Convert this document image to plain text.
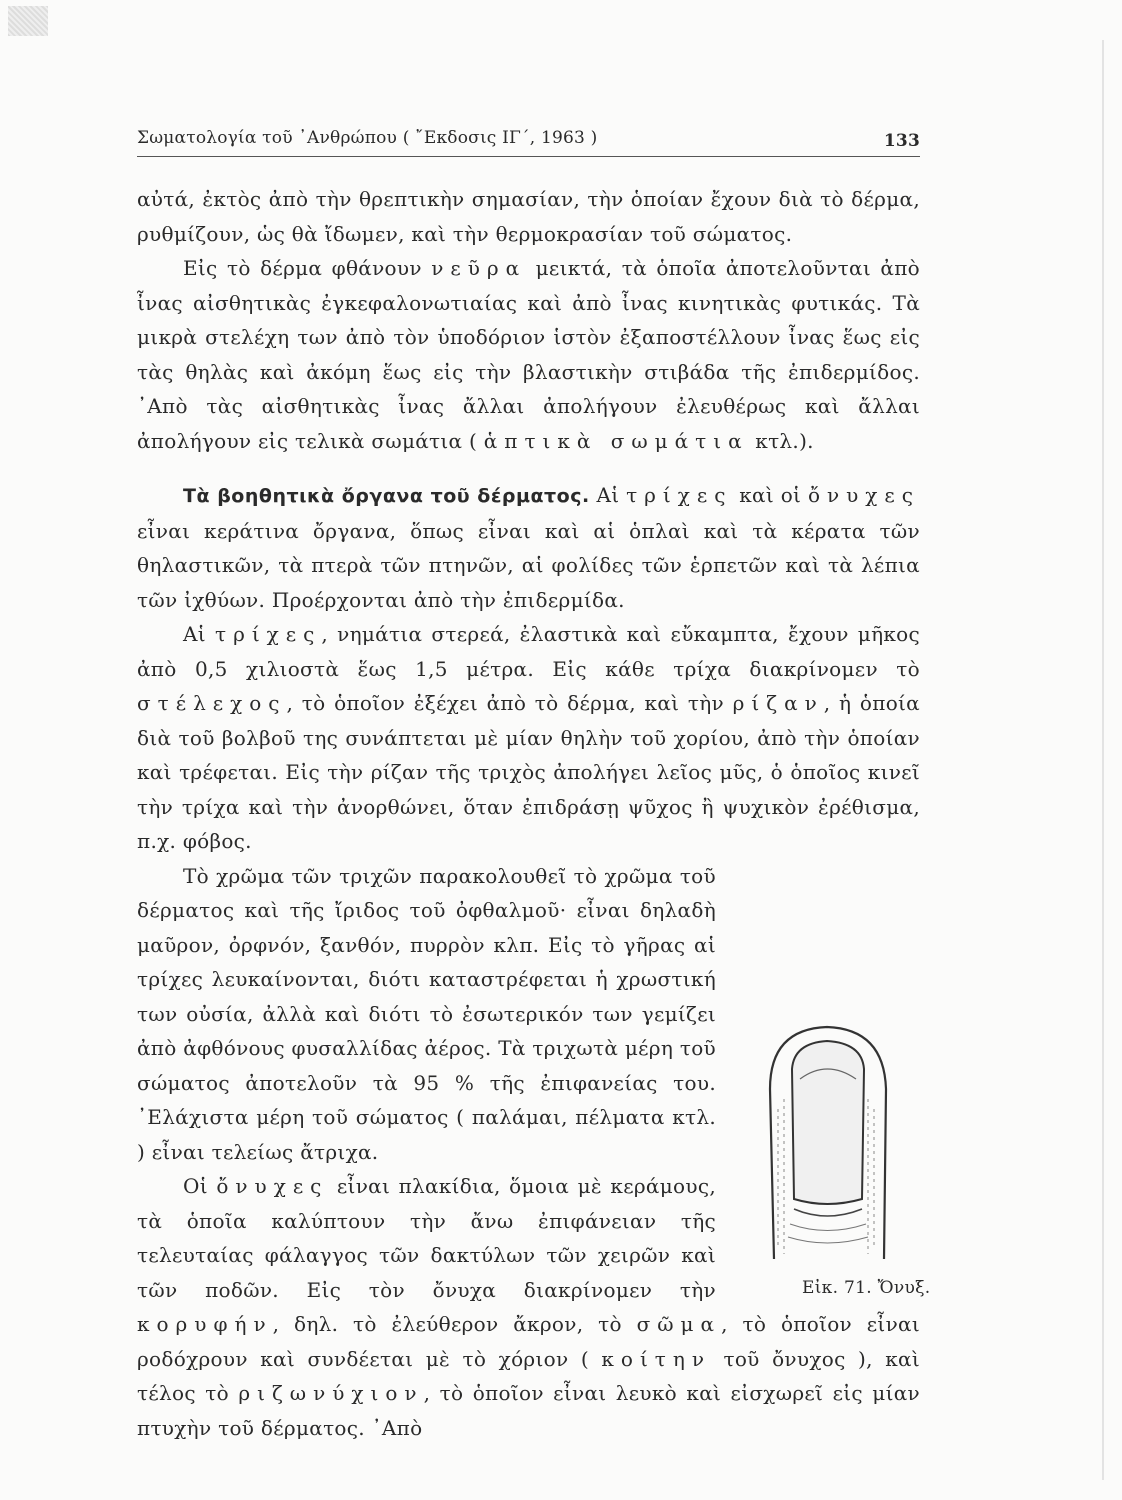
Σωματολογία τοῦ ᾿Ανθρώπου ( ῎Εκδοσις ΙΓ΄, 1963 )	133

αὐτά, ἐκτὸς ἀπὸ τὴν θρεπτικὴν σημασίαν, τὴν ὁποίαν ἔχουν διὰ τὸ δέρμα, ρυθμίζουν, ὡς θὰ ἴδωμεν, καὶ τὴν θερμοκρασίαν τοῦ σώματος.

Εἰς τὸ δέρμα φθάνουν νεῦρα μεικτά, τὰ ὁποῖα ἀποτελοῦνται ἀπὸ ἶνας αἰσθητικὰς ἐγκεφαλονωτιαίας καὶ ἀπὸ ἶνας κινητικὰς φυτικάς. Τὰ μικρὰ στελέχη των ἀπὸ τὸν ὑποδόριον ἱστὸν ἐξαποστέλλουν ἶνας ἕως εἰς τὰς θηλὰς καὶ ἀκόμη ἕως εἰς τὴν βλαστικὴν στιβάδα τῆς ἐπιδερμίδος. ᾿Απὸ τὰς αἰσθητικὰς ἶνας ἄλλαι ἀπολήγουν ἐλευθέρως καὶ ἄλλαι ἀπολήγουν εἰς τελικὰ σωμάτια ( ἁπτικὰ σωμάτια κτλ.).

Τὰ βοηθητικὰ ὄργανα τοῦ δέρματος. Αἱ τρίχες καὶ οἱ ὄνυχες εἶναι κεράτινα ὄργανα, ὅπως εἶναι καὶ αἱ ὁπλαὶ καὶ τὰ κέρατα τῶν θηλαστικῶν, τὰ πτερὰ τῶν πτηνῶν, αἱ φολίδες τῶν ἑρπετῶν καὶ τὰ λέπια τῶν ἰχθύων. Προέρχονται ἀπὸ τὴν ἐπιδερμίδα.

Αἱ τρίχες, νημάτια στερεά, ἐλαστικὰ καὶ εὔκαμπτα, ἔχουν μῆκος ἀπὸ 0,5 χιλιοστὰ ἕως 1,5 μέτρα. Εἰς κάθε τρίχα διακρίνομεν τὸ στέλεχος, τὸ ὁποῖον ἐξέχει ἀπὸ τὸ δέρμα, καὶ τὴν ρίζαν, ἡ ὁποία διὰ τοῦ βολβοῦ της συνάπτεται μὲ μίαν θηλὴν τοῦ χορίου, ἀπὸ τὴν ὁποίαν καὶ τρέφεται. Εἰς τὴν ρίζαν τῆς τριχὸς ἀπολήγει λεῖος μῦς, ὁ ὁποῖος κινεῖ τὴν τρίχα καὶ τὴν ἀνορθώνει, ὅταν ἐπιδράσῃ ψῦχος ἢ ψυχικὸν ἐρέθισμα, π.χ. φόβος.

Εἰκ. 71. Ὄνυξ.
Τὸ χρῶμα τῶν τριχῶν παρακολουθεῖ τὸ χρῶμα τοῦ δέρματος καὶ τῆς ἴριδος τοῦ ὀφθαλμοῦ· εἶναι δηλαδὴ μαῦρον, ὀρφνόν, ξανθόν, πυρρὸν κλπ. Εἰς τὸ γῆρας αἱ τρίχες λευκαίνονται, διότι καταστρέφεται ἡ χρωστική των οὐσία, ἀλλὰ καὶ διότι τὸ ἐσωτερικόν των γεμίζει ἀπὸ ἀφθόνους φυσαλλίδας ἀέρος. Τὰ τριχωτὰ μέρη τοῦ σώματος ἀποτελοῦν τὰ 95 % τῆς ἐπιφανείας του. ᾿Ελάχιστα μέρη τοῦ σώματος ( παλάμαι, πέλματα κτλ. ) εἶναι τελείως ἄτριχα.

Οἱ ὄνυχες εἶναι πλακίδια, ὅμοια μὲ κεράμους, τὰ ὁποῖα καλύπτουν τὴν ἄνω ἐπιφάνειαν τῆς τελευταίας φάλαγγος τῶν δακτύλων τῶν χειρῶν καὶ τῶν ποδῶν. Εἰς τὸν ὄνυχα διακρίνομεν τὴν κορυφήν, δηλ. τὸ ἐλεύθερον ἄκρον, τὸ σῶμα, τὸ ὁποῖον εἶναι ροδόχρουν καὶ συνδέεται μὲ τὸ χόριον ( κοίτην τοῦ ὄνυχος ), καὶ τέλος τὸ ριζωνύχιον, τὸ ὁποῖον εἶναι λευκὸ καὶ εἰσχωρεῖ εἰς μίαν πτυχὴν τοῦ δέρματος. ᾿Απὸ
